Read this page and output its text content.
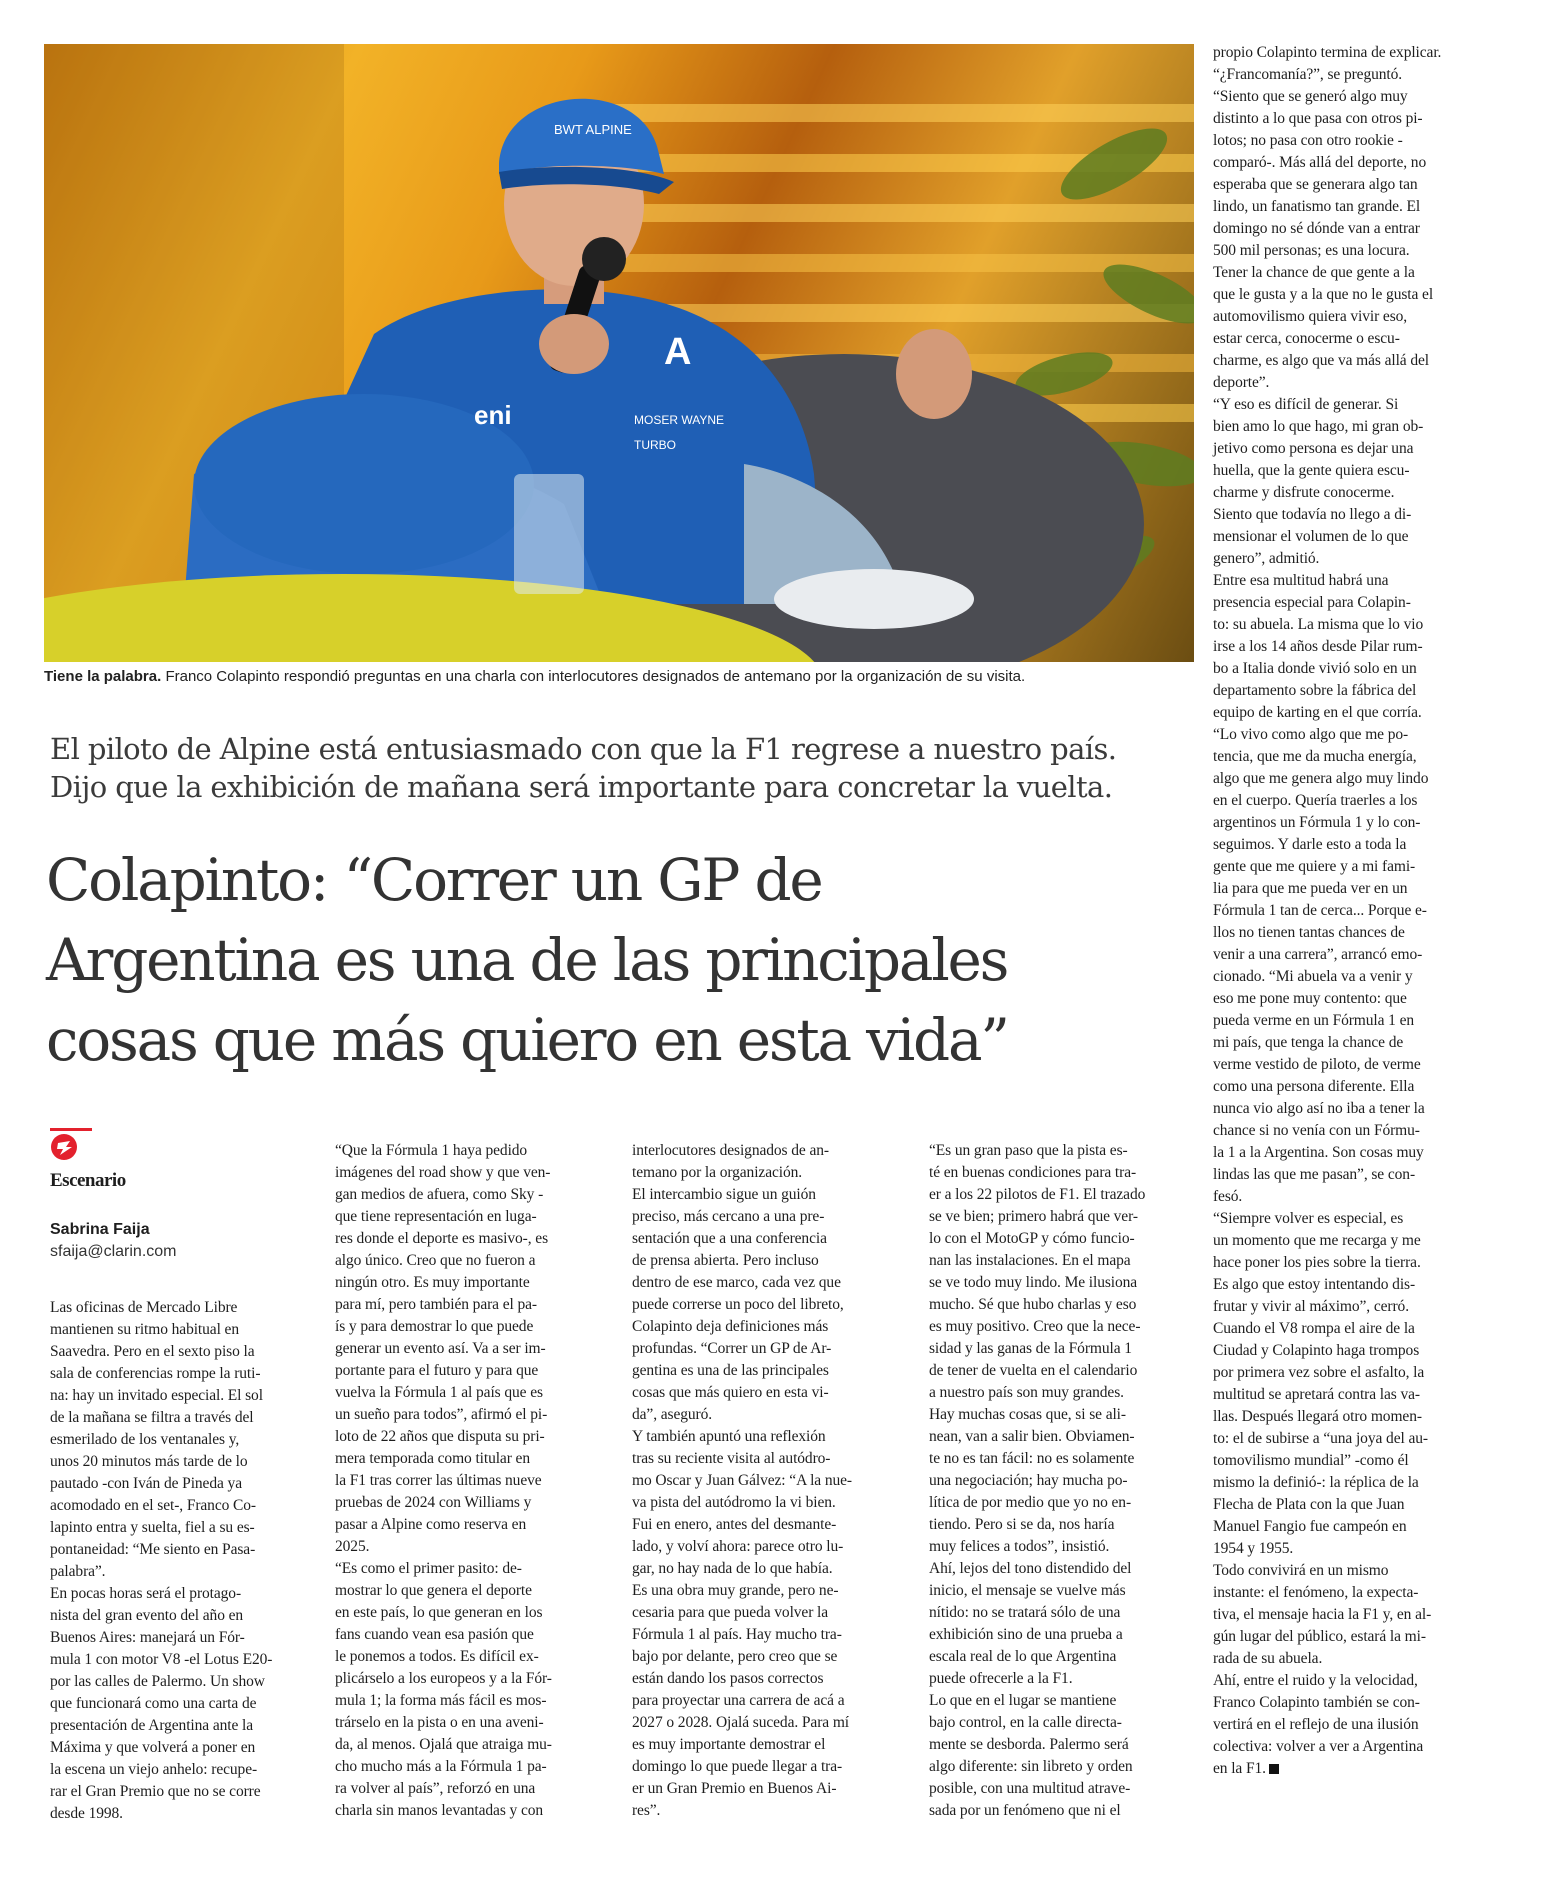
BWT ALPINE
eni
A
MOSER WAYNE
TURBO
Tiene la palabra. Franco Colapinto respondió preguntas en una charla con interlocutores designados de antemano por la organización de su visita.
El piloto de Alpine está entusiasmado con que la F1 regrese a nuestro país.
Dijo que la exhibición de mañana será importante para concretar la vuelta.
Colapinto: “Correr un GP de
Argentina es una de las principales
cosas que más quiero en esta vida”
Escenario
Sabrina Faija
sfaija@clarin.com

Las oficinas de Mercado Libre

mantienen su ritmo habitual en

Saavedra. Pero en el sexto piso la

sala de conferencias rompe la ruti-

na: hay un invitado especial. El sol

de la mañana se filtra a través del

esmerilado de los ventanales y,

unos 20 minutos más tarde de lo

pautado -con Iván de Pineda ya

acomodado en el set-, Franco Co-

lapinto entra y suelta, fiel a su es-

pontaneidad: “Me siento en Pasa-

palabra”.

En pocas horas será el protago-

nista del gran evento del año en

Buenos Aires: manejará un Fór-

mula 1 con motor V8 -el Lotus E20-

por las calles de Palermo. Un show

que funcionará como una carta de

presentación de Argentina ante la

Máxima y que volverá a poner en

la escena un viejo anhelo: recupe-

rar el Gran Premio que no se corre

desde 1998.

“Que la Fórmula 1 haya pedido

imágenes del road show y que ven-

gan medios de afuera, como Sky -

que tiene representación en luga-

res donde el deporte es masivo-, es

algo único. Creo que no fueron a

ningún otro. Es muy importante

para mí, pero también para el pa-

ís y para demostrar lo que puede

generar un evento así. Va a ser im-

portante para el futuro y para que

vuelva la Fórmula 1 al país que es

un sueño para todos”, afirmó el pi-

loto de 22 años que disputa su pri-

mera temporada como titular en

la F1 tras correr las últimas nueve

pruebas de 2024 con Williams y

pasar a Alpine como reserva en

2025.

“Es como el primer pasito: de-

mostrar lo que genera el deporte

en este país, lo que generan en los

fans cuando vean esa pasión que

le ponemos a todos. Es difícil ex-

plicárselo a los europeos y a la Fór-

mula 1; la forma más fácil es mos-

trárselo en la pista o en una aveni-

da, al menos. Ojalá que atraiga mu-

cho mucho más a la Fórmula 1 pa-

ra volver al país”, reforzó en una

charla sin manos levantadas y con

interlocutores designados de an-

temano por la organización.

El intercambio sigue un guión

preciso, más cercano a una pre-

sentación que a una conferencia

de prensa abierta. Pero incluso

dentro de ese marco, cada vez que

puede correrse un poco del libreto,

Colapinto deja definiciones más

profundas. “Correr un GP de Ar-

gentina es una de las principales

cosas que más quiero en esta vi-

da”, aseguró.

Y también apuntó una reflexión

tras su reciente visita al autódro-

mo Oscar y Juan Gálvez: “A la nue-

va pista del autódromo la vi bien.

Fui en enero, antes del desmante-

lado, y volví ahora: parece otro lu-

gar, no hay nada de lo que había.

Es una obra muy grande, pero ne-

cesaria para que pueda volver la

Fórmula 1 al país. Hay mucho tra-

bajo por delante, pero creo que se

están dando los pasos correctos

para proyectar una carrera de acá a

2027 o 2028. Ojalá suceda. Para mí

es muy importante demostrar el

domingo lo que puede llegar a tra-

er un Gran Premio en Buenos Ai-

res”.

“Es un gran paso que la pista es-

té en buenas condiciones para tra-

er a los 22 pilotos de F1. El trazado

se ve bien; primero habrá que ver-

lo con el MotoGP y cómo funcio-

nan las instalaciones. En el mapa

se ve todo muy lindo. Me ilusiona

mucho. Sé que hubo charlas y eso

es muy positivo. Creo que la nece-

sidad y las ganas de la Fórmula 1

de tener de vuelta en el calendario

a nuestro país son muy grandes.

Hay muchas cosas que, si se ali-

nean, van a salir bien. Obviamen-

te no es tan fácil: no es solamente

una negociación; hay mucha po-

lítica de por medio que yo no en-

tiendo. Pero si se da, nos haría

muy felices a todos”, insistió.

Ahí, lejos del tono distendido del

inicio, el mensaje se vuelve más

nítido: no se tratará sólo de una

exhibición sino de una prueba a

escala real de lo que Argentina

puede ofrecerle a la F1.

Lo que en el lugar se mantiene

bajo control, en la calle directa-

mente se desborda. Palermo será

algo diferente: sin libreto y orden

posible, con una multitud atrave-

sada por un fenómeno que ni el

propio Colapinto termina de explicar.

“¿Francomanía?”, se preguntó.

“Siento que se generó algo muy

distinto a lo que pasa con otros pi-

lotos; no pasa con otro rookie -

comparó-. Más allá del deporte, no

esperaba que se generara algo tan

lindo, un fanatismo tan grande. El

domingo no sé dónde van a entrar

500 mil personas; es una locura.

Tener la chance de que gente a la

que le gusta y a la que no le gusta el

automovilismo quiera vivir eso,

estar cerca, conocerme o escu-

charme, es algo que va más allá del

deporte”.

“Y eso es difícil de generar. Si

bien amo lo que hago, mi gran ob-

jetivo como persona es dejar una

huella, que la gente quiera escu-

charme y disfrute conocerme.

Siento que todavía no llego a di-

mensionar el volumen de lo que

genero”, admitió.

Entre esa multitud habrá una

presencia especial para Colapin-

to: su abuela. La misma que lo vio

irse a los 14 años desde Pilar rum-

bo a Italia donde vivió solo en un

departamento sobre la fábrica del

equipo de karting en el que corría.

“Lo vivo como algo que me po-

tencia, que me da mucha energía,

algo que me genera algo muy lindo

en el cuerpo. Quería traerles a los

argentinos un Fórmula 1 y lo con-

seguimos. Y darle esto a toda la

gente que me quiere y a mi fami-

lia para que me pueda ver en un

Fórmula 1 tan de cerca... Porque e-

llos no tienen tantas chances de

venir a una carrera”, arrancó emo-

cionado. “Mi abuela va a venir y

eso me pone muy contento: que

pueda verme en un Fórmula 1 en

mi país, que tenga la chance de

verme vestido de piloto, de verme

como una persona diferente. Ella

nunca vio algo así no iba a tener la

chance si no venía con un Fórmu-

la 1 a la Argentina. Son cosas muy

lindas las que me pasan”, se con-

fesó.

“Siempre volver es especial, es

un momento que me recarga y me

hace poner los pies sobre la tierra.

Es algo que estoy intentando dis-

frutar y vivir al máximo”, cerró.

Cuando el V8 rompa el aire de la

Ciudad y Colapinto haga trompos

por primera vez sobre el asfalto, la

multitud se apretará contra las va-

llas. Después llegará otro momen-

to: el de subirse a “una joya del au-

tomovilismo mundial” -como él

mismo la definió-: la réplica de la

Flecha de Plata con la que Juan

Manuel Fangio fue campeón en

1954 y 1955.

Todo convivirá en un mismo

instante: el fenómeno, la expecta-

tiva, el mensaje hacia la F1 y, en al-

gún lugar del público, estará la mi-

rada de su abuela.

Ahí, entre el ruido y la velocidad,

Franco Colapinto también se con-

vertirá en el reflejo de una ilusión

colectiva: volver a ver a Argentina

en la F1.
